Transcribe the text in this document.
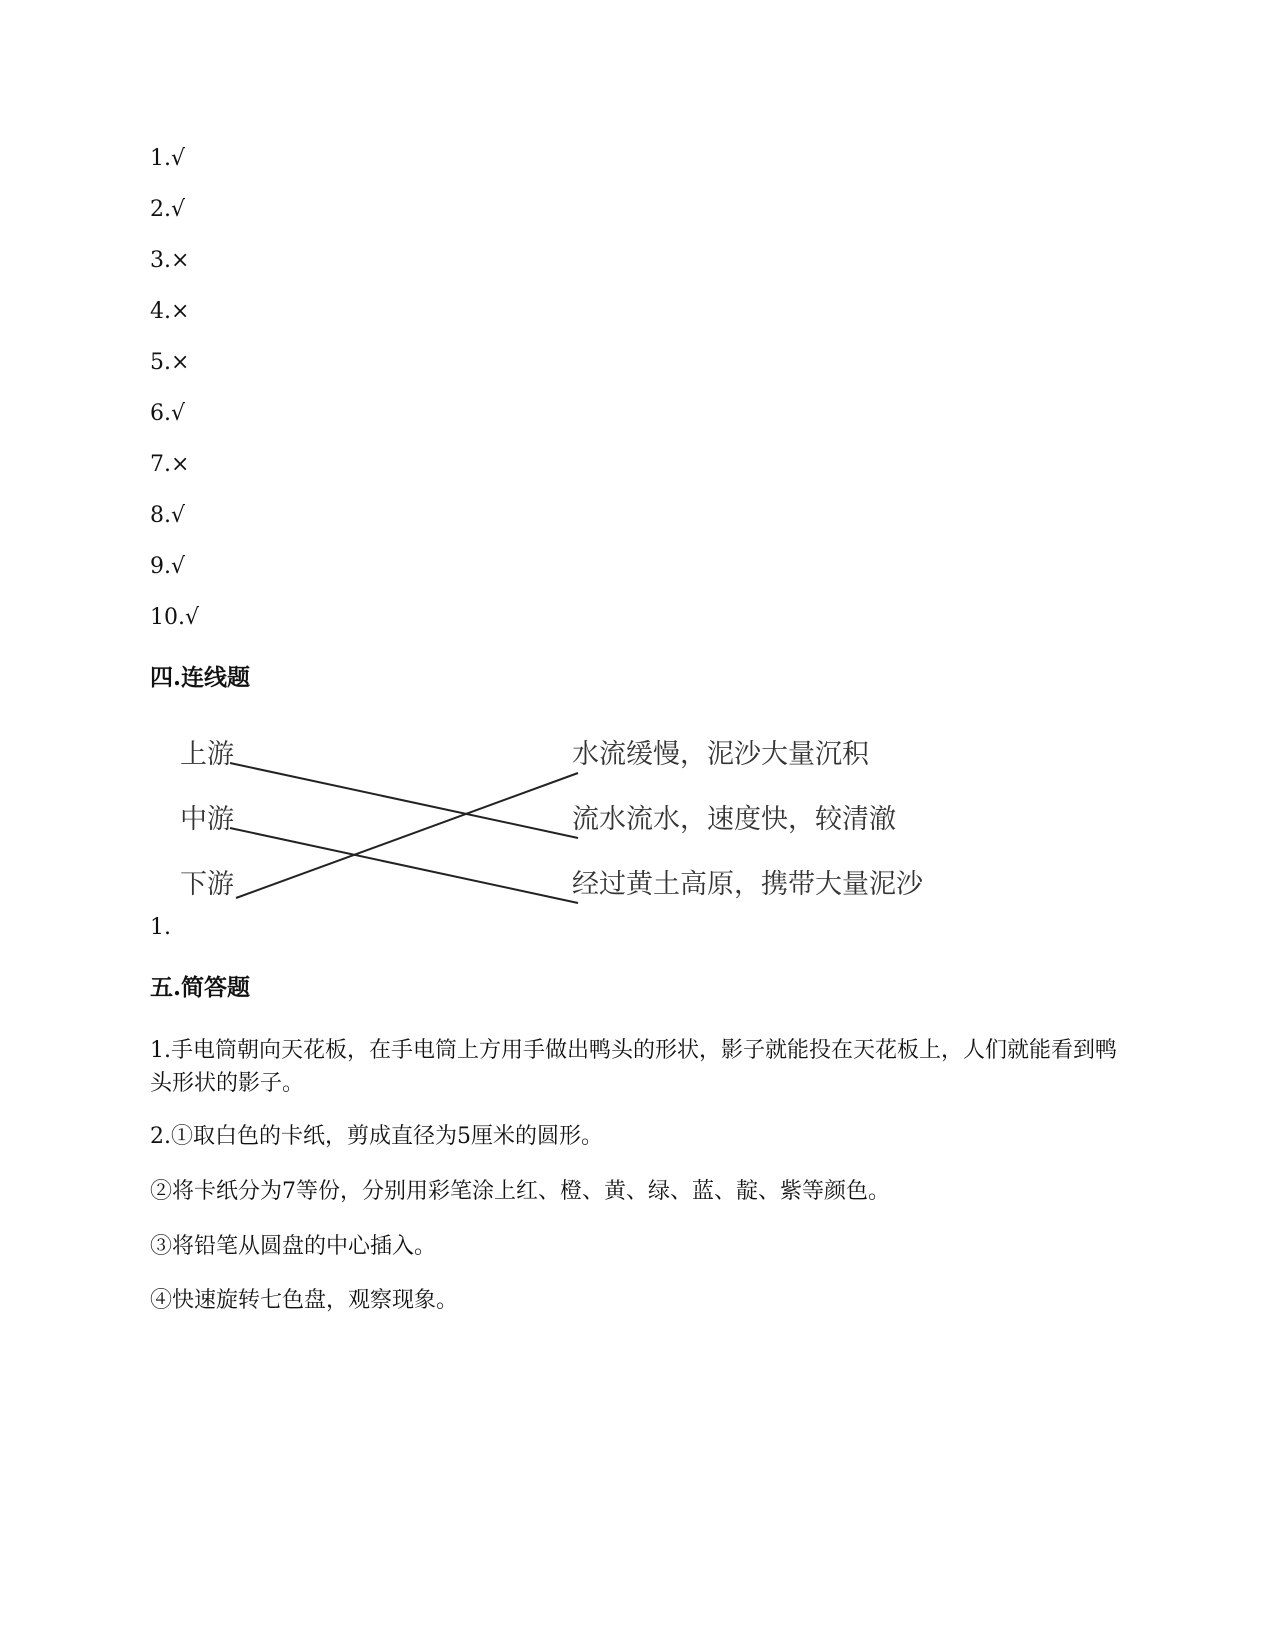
1.√
2.√
3.×
4.×
5.×
6.√
7.×
8.√
9.√
10.√
四.连线题
上游
中游
下游
水流缓慢，泥沙大量沉积
流水流水，速度快，较清澈
经过黄土高原，携带大量泥沙
1.
五.简答题
1.手电筒朝向天花板，在手电筒上方用手做出鸭头的形状，影子就能投在天花板上，人们就能看到鸭头形状的影子。
2.①取白色的卡纸，剪成直径为5厘米的圆形。
②将卡纸分为7等份，分别用彩笔涂上红、橙、黄、绿、蓝、靛、紫等颜色。
③将铅笔从圆盘的中心插入。
④快速旋转七色盘，观察现象。
